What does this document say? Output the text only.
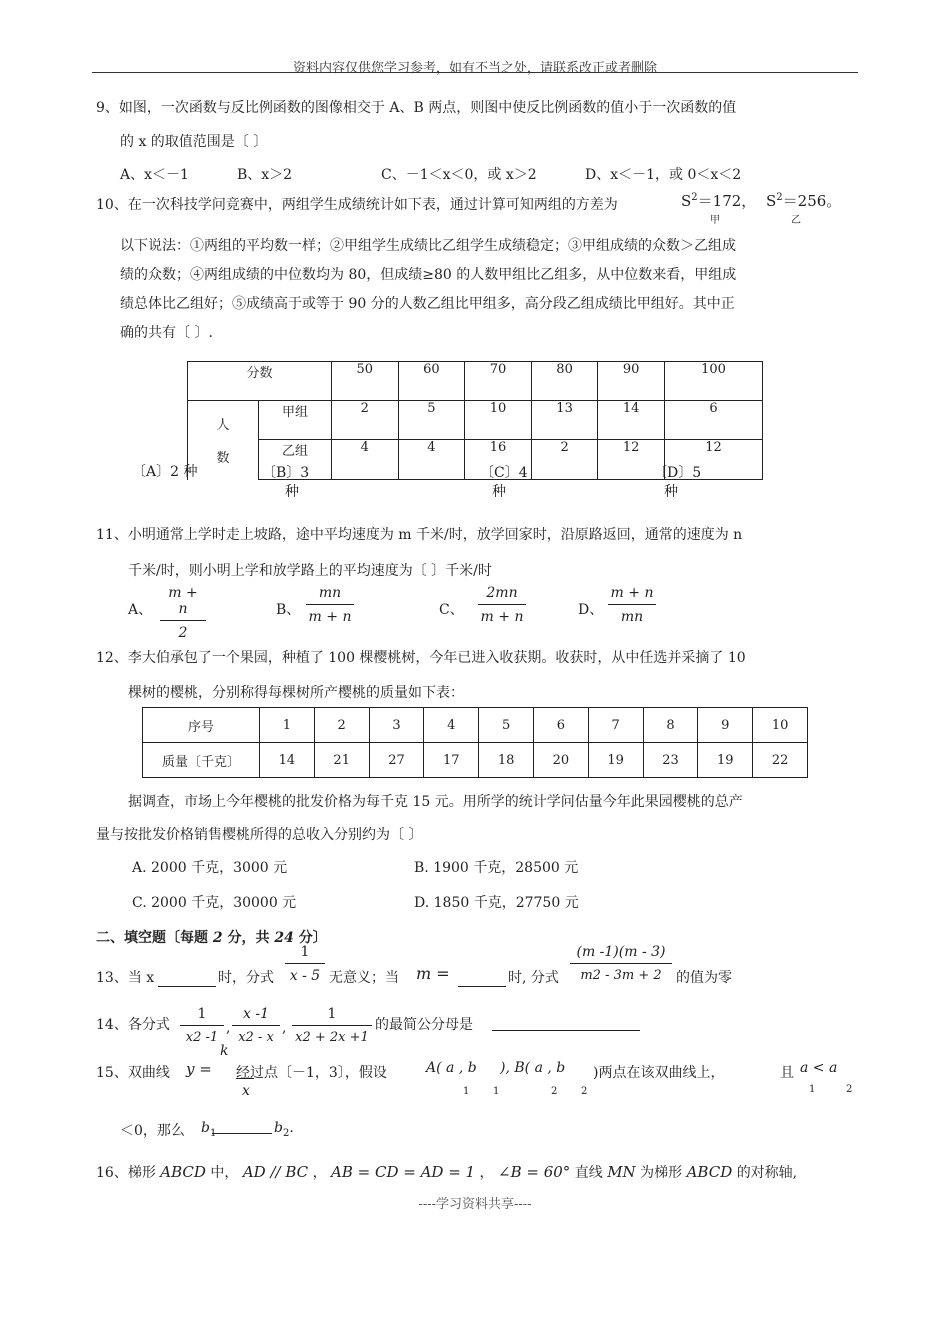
资料内容仅供您学习参考，如有不当之处，请联系改正或者删除
9、如图，一次函数与反比例函数的图像相交于 A、B 两点，则图中使反比例函数的值小于一次函数的值
的 x 的取值范围是〔 〕
A、x＜－1	B、x＞2	C、－1＜x＜0，或 x＞2	D、x＜－1，或 0＜x＜2
10、在一次科技学问竞赛中，两组学生成绩统计如下表，通过计算可知两组的方差为	$S^2=172$，
甲
$S^2=256$。
乙
以下说法：①两组的平均数一样；②甲组学生成绩比乙组学生成绩稳定；③甲组成绩的众数＞乙组成
绩的众数；④两组成绩的中位数均为 80，但成绩≥80 的人数甲组比乙组多，从中位数来看，甲组成
绩总体比乙组好；⑤成绩高于或等于 90 分的人数乙组比甲组多，高分段乙组成绩比甲组好。其中正
确的共有〔 〕.
分数		50	60	70	80	90	100

人
数	甲组	2	5	10	13	14	6
	乙组	4	4	16	2	12	12
〔A〕2 种	〔B〕3	〔C〕4	〔D〕5
种	种	种
11、小明通常上学时走上坡路，途中平均速度为 m 千米/时，放学回家时，沿原路返回，通常的速度为 n
千米/时，则小明上学和放学路上的平均速度为〔 〕千米/时
A、 $\frac{m + n}{2}$	B、 $\frac{mn}{m + n}$	C、 $\frac{2mn}{m + n}$	D、 $\frac{m + n}{mn}$
12、李大伯承包了一个果园，种植了 100 棵樱桃树，今年已进入收获期。收获时，从中任选并采摘了 10
棵树的樱桃，分别称得每棵树所产樱桃的质量如下表：
序号	1	2	3	4	5	6	7	8	9	10
质量〔千克〕	14	21	27	17	18	20	19	23	19	22
据调查，市场上今年樱桃的批发价格为每千克 15 元。用所学的统计学问估量今年此果园樱桃的总产
量与按批发价格销售樱桃所得的总收入分别约为〔 〕
A. 2000 千克，3000 元	B. 1900 千克，28500 元
C. 2000 千克，30000 元	D. 1850 千克，27750 元
二、填空题〔每题 2 分，共 24 分〕
13、当 x	时，分式 $\frac{1}{x - 5}$ 无意义；当 m =	时, 分式 $\frac{(m -1)(m - 3)}{m2 - 3m + 2}$ 的值为零
14、各分式 $\frac{1}{x2 -1}$ , $\frac{x -1}{x2 - x}$ , $\frac{1}{x2 + 2x +1}$ 的最简公分母是
15、双曲线 y =
k
经过点〔－1，3〕，假设
x
A( a , b
1 1
), B( a , b
2 2
)两点在该双曲线上，	且 a < a
1	2
＜0，那么 $b_1$	$b_2$.
16、梯形 ABCD 中， AD // BC ， AB = CD = AD = 1 ， ∠B = 60° 直线 MN 为梯形 ABCD 的对称轴,
----学习资料共享----
